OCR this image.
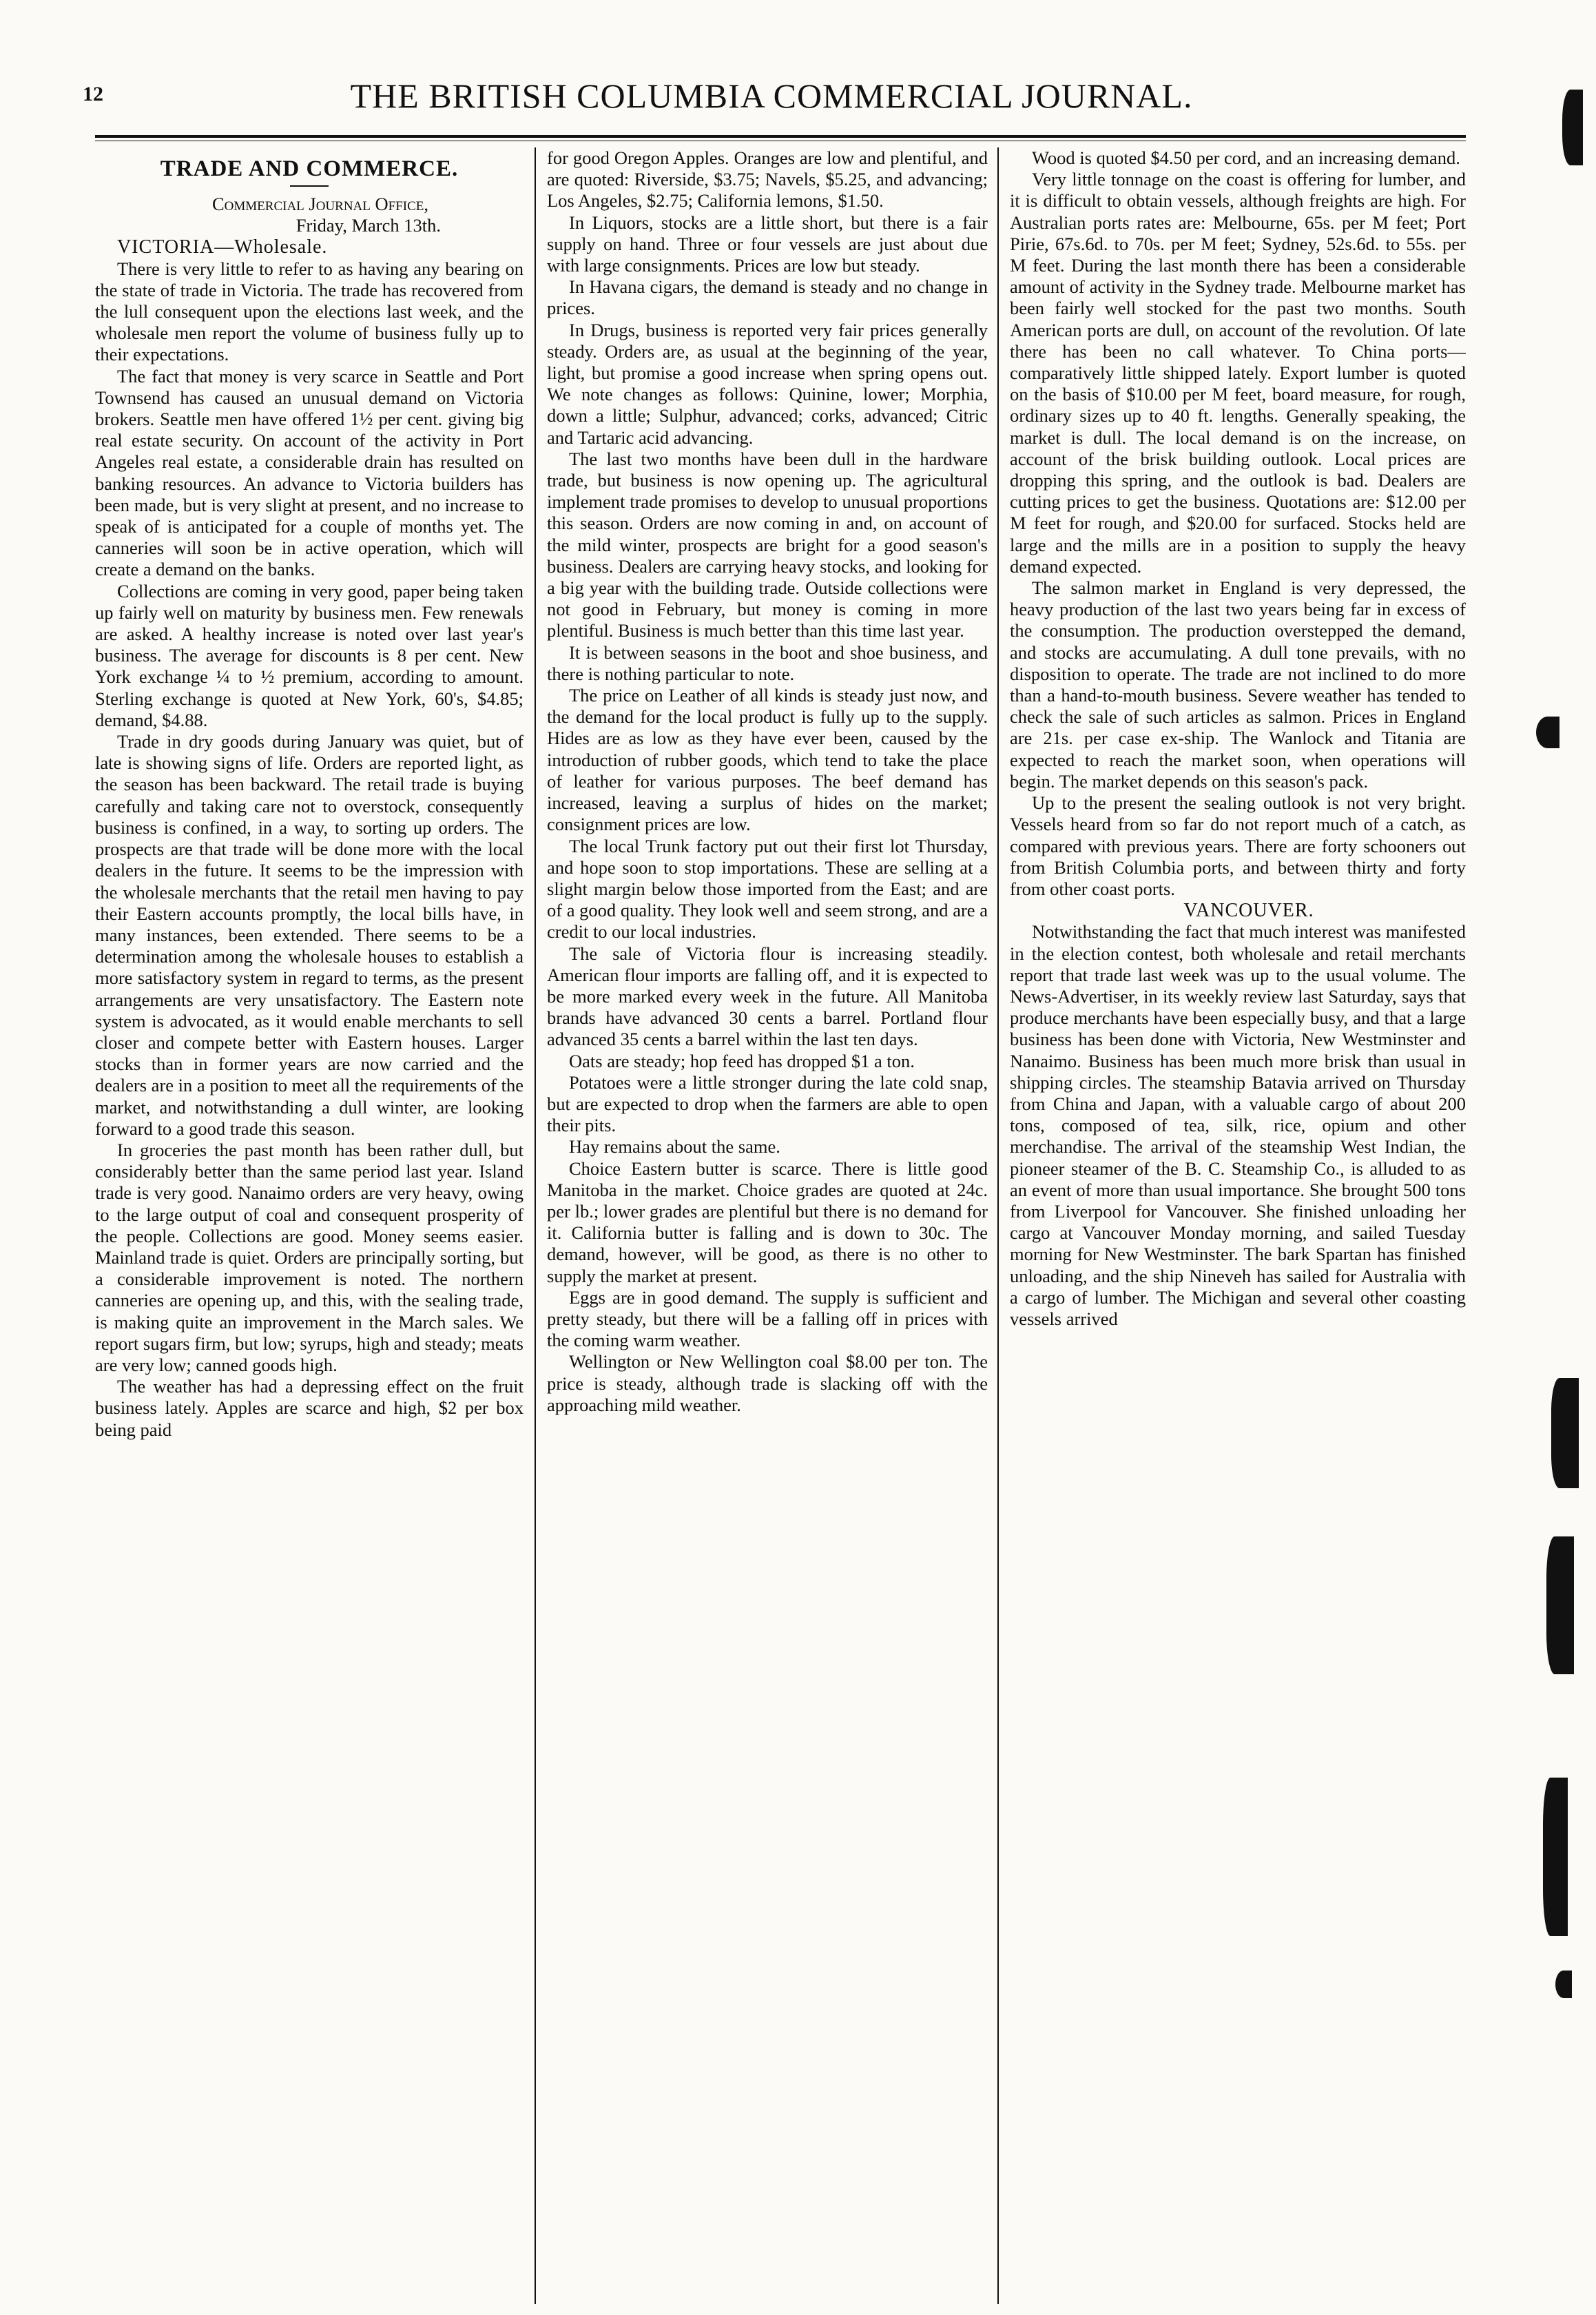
12	THE BRITISH COLUMBIA COMMERCIAL JOURNAL.
TRADE AND COMMERCE.

Commercial Journal Office,

Friday, March 13th.

VICTORIA—Wholesale.

There is very little to refer to as having any bearing on the state of trade in Victoria. The trade has recovered from the lull consequent upon the elections last week, and the wholesale men report the volume of business fully up to their expectations.

The fact that money is very scarce in Seattle and Port Townsend has caused an unusual demand on Victoria brokers. Seattle men have offered 1½ per cent. giving big real estate security. On account of the activity in Port Angeles real estate, a considerable drain has resulted on banking resources. An advance to Victoria builders has been made, but is very slight at present, and no increase to speak of is anticipated for a couple of months yet. The canneries will soon be in active operation, which will create a demand on the banks.

Collections are coming in very good, paper being taken up fairly well on maturity by business men. Few renewals are asked. A healthy increase is noted over last year's business. The average for discounts is 8 per cent. New York exchange ¼ to ½ premium, according to amount. Sterling exchange is quoted at New York, 60's, $4.85; demand, $4.88.

Trade in dry goods during January was quiet, but of late is showing signs of life. Orders are reported light, as the season has been backward. The retail trade is buying carefully and taking care not to overstock, consequently business is confined, in a way, to sorting up orders. The prospects are that trade will be done more with the local dealers in the future. It seems to be the impression with the wholesale merchants that the retail men having to pay their Eastern accounts promptly, the local bills have, in many instances, been extended. There seems to be a determination among the wholesale houses to establish a more satisfactory system in regard to terms, as the present arrangements are very unsatisfactory. The Eastern note system is advocated, as it would enable merchants to sell closer and compete better with Eastern houses. Larger stocks than in former years are now carried and the dealers are in a position to meet all the requirements of the market, and notwithstanding a dull winter, are looking forward to a good trade this season.

In groceries the past month has been rather dull, but considerably better than the same period last year. Island trade is very good. Nanaimo orders are very heavy, owing to the large output of coal and consequent prosperity of the people. Collections are good. Money seems easier. Mainland trade is quiet. Orders are principally sorting, but a considerable improvement is noted. The northern canneries are opening up, and this, with the sealing trade, is making quite an improvement in the March sales. We report sugars firm, but low; syrups, high and steady; meats are very low; canned goods high.

The weather has had a depressing effect on the fruit business lately. Apples are scarce and high, $2 per box being paid

for good Oregon Apples. Oranges are low and plentiful, and are quoted: Riverside, $3.75; Navels, $5.25, and advancing; Los Angeles, $2.75; California lemons, $1.50.

In Liquors, stocks are a little short, but there is a fair supply on hand. Three or four vessels are just about due with large consignments. Prices are low but steady.

In Havana cigars, the demand is steady and no change in prices.

In Drugs, business is reported very fair prices generally steady. Orders are, as usual at the beginning of the year, light, but promise a good increase when spring opens out. We note changes as follows: Quinine, lower; Morphia, down a little; Sulphur, advanced; corks, advanced; Citric and Tartaric acid advancing.

The last two months have been dull in the hardware trade, but business is now opening up. The agricultural implement trade promises to develop to unusual proportions this season. Orders are now coming in and, on account of the mild winter, prospects are bright for a good season's business. Dealers are carrying heavy stocks, and looking for a big year with the building trade. Outside collections were not good in February, but money is coming in more plentiful. Business is much better than this time last year.

It is between seasons in the boot and shoe business, and there is nothing particular to note.

The price on Leather of all kinds is steady just now, and the demand for the local product is fully up to the supply. Hides are as low as they have ever been, caused by the introduction of rubber goods, which tend to take the place of leather for various purposes. The beef demand has increased, leaving a surplus of hides on the market; consignment prices are low.

The local Trunk factory put out their first lot Thursday, and hope soon to stop importations. These are selling at a slight margin below those imported from the East; and are of a good quality. They look well and seem strong, and are a credit to our local industries.

The sale of Victoria flour is increasing steadily. American flour imports are falling off, and it is expected to be more marked every week in the future. All Manitoba brands have advanced 30 cents a barrel. Portland flour advanced 35 cents a barrel within the last ten days.

Oats are steady; hop feed has dropped $1 a ton.

Potatoes were a little stronger during the late cold snap, but are expected to drop when the farmers are able to open their pits.

Hay remains about the same.

Choice Eastern butter is scarce. There is little good Manitoba in the market. Choice grades are quoted at 24c. per lb.; lower grades are plentiful but there is no demand for it. California butter is falling and is down to 30c. The demand, however, will be good, as there is no other to supply the market at present.

Eggs are in good demand. The supply is sufficient and pretty steady, but there will be a falling off in prices with the coming warm weather.

Wellington or New Wellington coal $8.00 per ton. The price is steady, although trade is slacking off with the approaching mild weather.

Wood is quoted $4.50 per cord, and an increasing demand.

Very little tonnage on the coast is offering for lumber, and it is difficult to obtain vessels, although freights are high. For Australian ports rates are: Melbourne, 65s. per M feet; Port Pirie, 67s.6d. to 70s. per M feet; Sydney, 52s.6d. to 55s. per M feet. During the last month there has been a considerable amount of activity in the Sydney trade. Melbourne market has been fairly well stocked for the past two months. South American ports are dull, on account of the revolution. Of late there has been no call whatever. To China ports—comparatively little shipped lately. Export lumber is quoted on the basis of $10.00 per M feet, board measure, for rough, ordinary sizes up to 40 ft. lengths. Generally speaking, the market is dull. The local demand is on the increase, on account of the brisk building outlook. Local prices are dropping this spring, and the outlook is bad. Dealers are cutting prices to get the business. Quotations are: $12.00 per M feet for rough, and $20.00 for surfaced. Stocks held are large and the mills are in a position to supply the heavy demand expected.

The salmon market in England is very depressed, the heavy production of the last two years being far in excess of the consumption. The production overstepped the demand, and stocks are accumulating. A dull tone prevails, with no disposition to operate. The trade are not inclined to do more than a hand-to-mouth business. Severe weather has tended to check the sale of such articles as salmon. Prices in England are 21s. per case ex-ship. The Wanlock and Titania are expected to reach the market soon, when operations will begin. The market depends on this season's pack.

Up to the present the sealing outlook is not very bright. Vessels heard from so far do not report much of a catch, as compared with previous years. There are forty schooners out from British Columbia ports, and between thirty and forty from other coast ports.

VANCOUVER.

Notwithstanding the fact that much interest was manifested in the election contest, both wholesale and retail merchants report that trade last week was up to the usual volume. The News-Advertiser, in its weekly review last Saturday, says that produce merchants have been especially busy, and that a large business has been done with Victoria, New Westminster and Nanaimo. Business has been much more brisk than usual in shipping circles. The steamship Batavia arrived on Thursday from China and Japan, with a valuable cargo of about 200 tons, composed of tea, silk, rice, opium and other merchandise. The arrival of the steamship West Indian, the pioneer steamer of the B. C. Steamship Co., is alluded to as an event of more than usual importance. She brought 500 tons from Liverpool for Vancouver. She finished unloading her cargo at Vancouver Monday morning, and sailed Tuesday morning for New Westminster. The bark Spartan has finished unloading, and the ship Nineveh has sailed for Australia with a cargo of lumber. The Michigan and several other coasting vessels arrived
